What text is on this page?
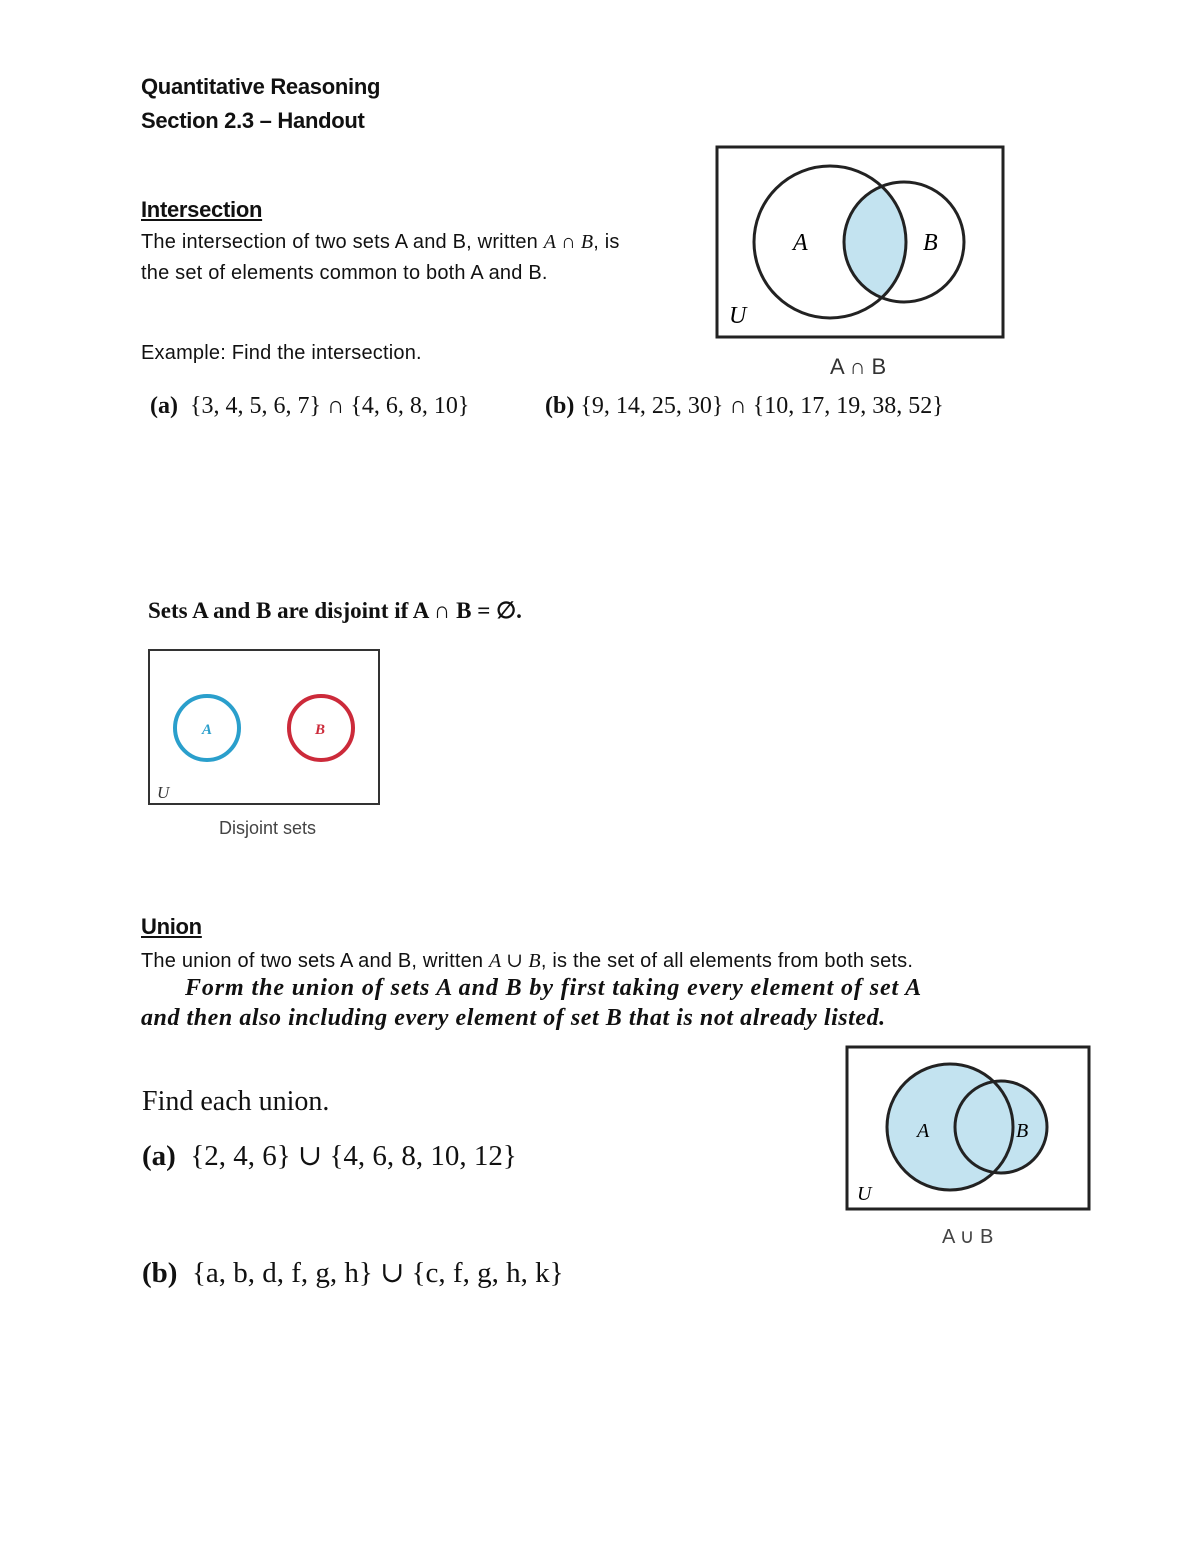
Quantitative Reasoning
Section 2.3 – Handout
Intersection
The intersection of two sets A and B, written A ∩ B, is
the set of elements common to both A and B.
Example: Find the intersection.
(a) {3, 4, 5, 6, 7} ∩ {4, 6, 8, 10}	(b) {9, 14, 25, 30} ∩ {10, 17, 19, 38, 52}
A	B
U
A ∩ B
Sets A and B are disjoint if A ∩ B = ∅.
A	B
U
Disjoint sets
Union
The union of two sets A and B, written A ∪ B, is the set of all elements from both sets.
Form the union of sets A and B by first taking every element of set A
and then also including every element of set B that is not already listed.
Find each union.
(a) {2, 4, 6} ∪ {4, 6, 8, 10, 12}
(b) {a, b, d, f, g, h} ∪ {c, f, g, h, k}
A	B
U
A ∪ B
